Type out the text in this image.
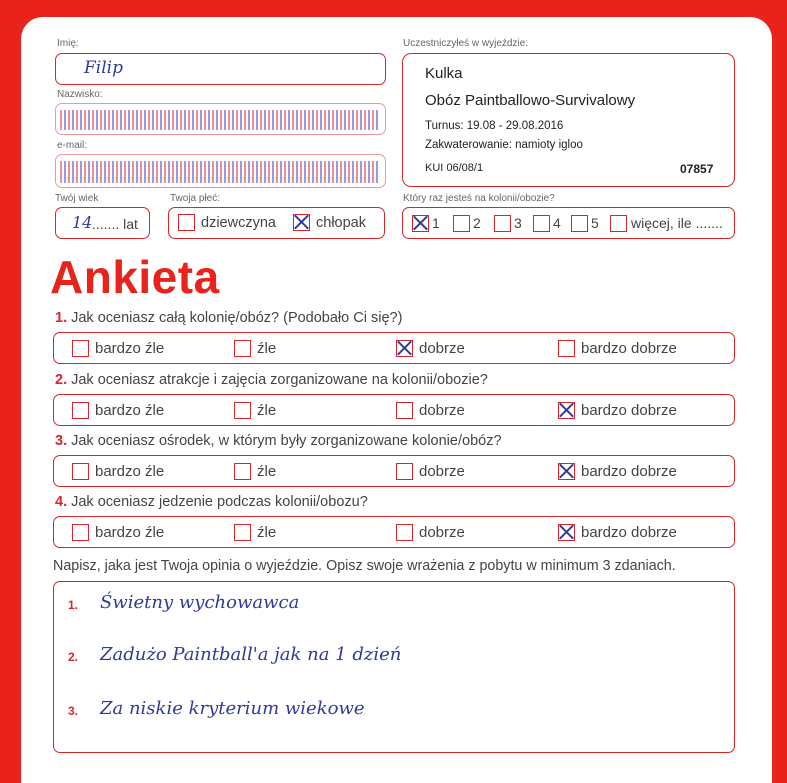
Imię:
Filip
Nazwisko:
e-mail:
Twój wiek
14 ....... lat
Twoja płeć:
dziewczyna	chłopak
Uczestniczyłeś w wyjeździe:
Kulka
Obóz Paintballowo-Survivalowy
Turnus: 19.08 - 29.08.2016
Zakwaterowanie: namioty igloo
KUI 06/08/1	07857
Który raz jesteś na kolonii/obozie?
1	2	3	4	5	więcej, ile .......
Ankieta
1. Jak oceniasz całą kolonię/obóz? (Podobało Ci się?)
bardzo źle	źle	dobrze	bardzo dobrze
2. Jak oceniasz atrakcje i zajęcia zorganizowane na kolonii/obozie?
bardzo źle	źle	dobrze	bardzo dobrze
3. Jak oceniasz ośrodek, w którym były zorganizowane kolonie/obóz?
bardzo źle	źle	dobrze	bardzo dobrze
4. Jak oceniasz jedzenie podczas kolonii/obozu?
bardzo źle	źle	dobrze	bardzo dobrze
Napisz, jaka jest Twoja opinia o wyjeździe. Opisz swoje wrażenia z pobytu w minimum 3 zdaniach.
1. Świetny wychowawca
2. Zadużo Paintball'a jak na 1 dzień
3. Za niskie kryterium wiekowe
